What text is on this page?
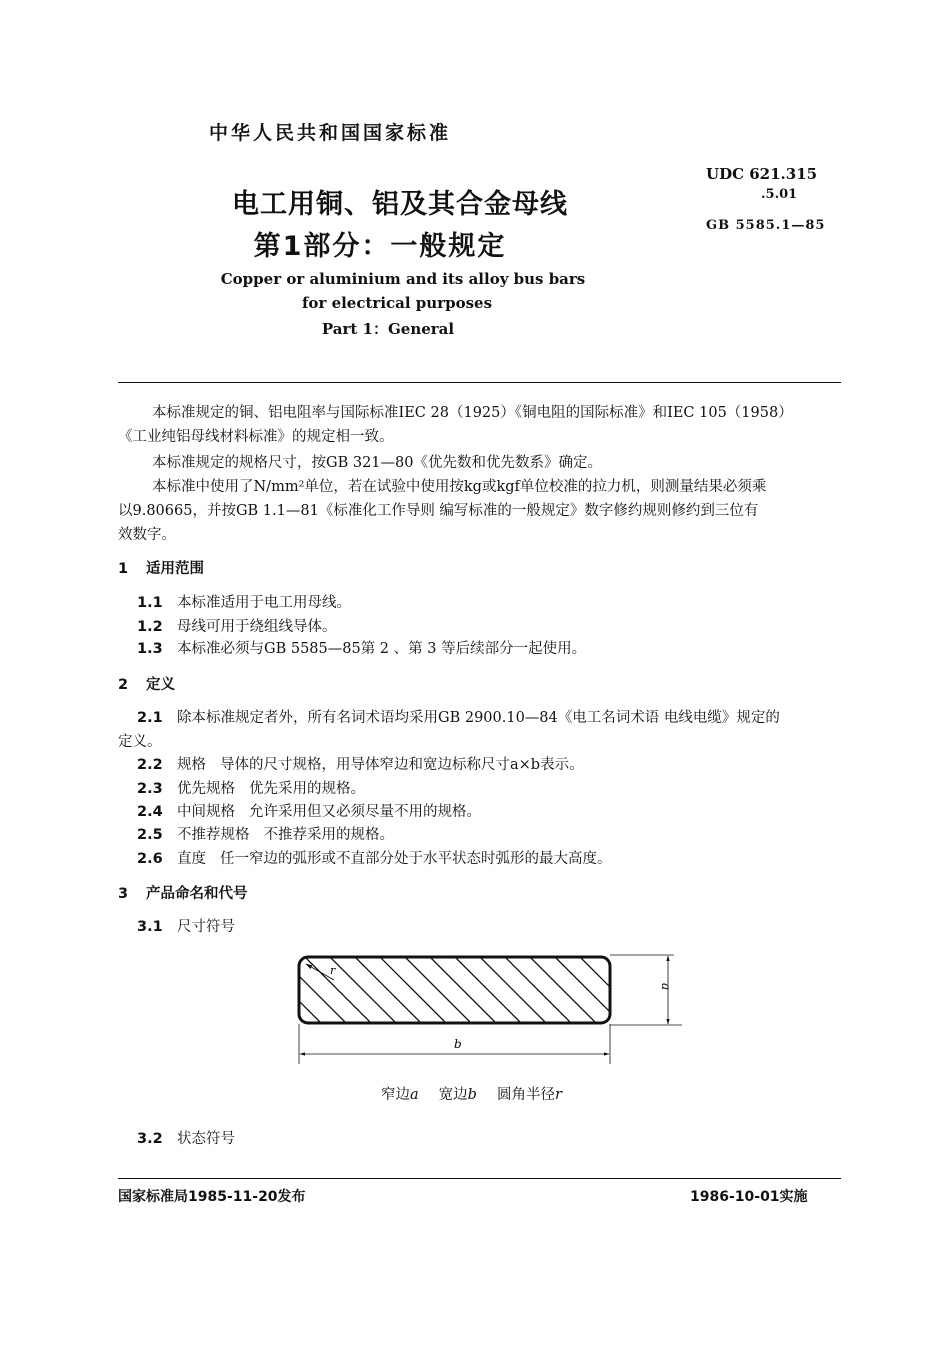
中华人民共和国国家标准
电工用铜、铝及其合金母线
第1部分：一般规定
UDC 621.315
.5.01
GB 5585.1—85
Copper or aluminium and its alloy bus bars
for electrical purposes
Part 1：General
本标准规定的铜、铝电阻率与国际标准IEC 28（1925）《铜电阻的国际标准》和IEC 105（1958）
《工业纯铝母线材料标准》的规定相一致。
本标准规定的规格尺寸，按GB 321—80《优先数和优先数系》确定。
本标准中使用了N/mm²单位，若在试验中使用按kg或kgf单位校准的拉力机，则测量结果必须乘
以9.80665，并按GB 1.1—81《标准化工作导则 编写标准的一般规定》数字修约规则修约到三位有
效数字。
1 适用范围
1.1 本标准适用于电工用母线。
1.2 母线可用于绕组线导体。
1.3 本标准必须与GB 5585—85第 2 、第 3 等后续部分一起使用。
2 定义
2.1 除本标准规定者外，所有名词术语均采用GB 2900.10—84《电工名词术语 电线电缆》规定的
定义。
2.2 规格 导体的尺寸规格，用导体窄边和宽边标称尺寸a×b表示。
2.3 优先规格 优先采用的规格。
2.4 中间规格 允许采用但又必须尽量不用的规格。
2.5 不推荐规格 不推荐采用的规格。
2.6 直度 任一窄边的弧形或不直部分处于水平状态时弧形的最大高度。
3 产品命名和代号
3.1 尺寸符号
r
a
b
窄边a 宽边b 圆角半径r
3.2 状态符号
国家标准局1985-11-20发布	1986-10-01实施
